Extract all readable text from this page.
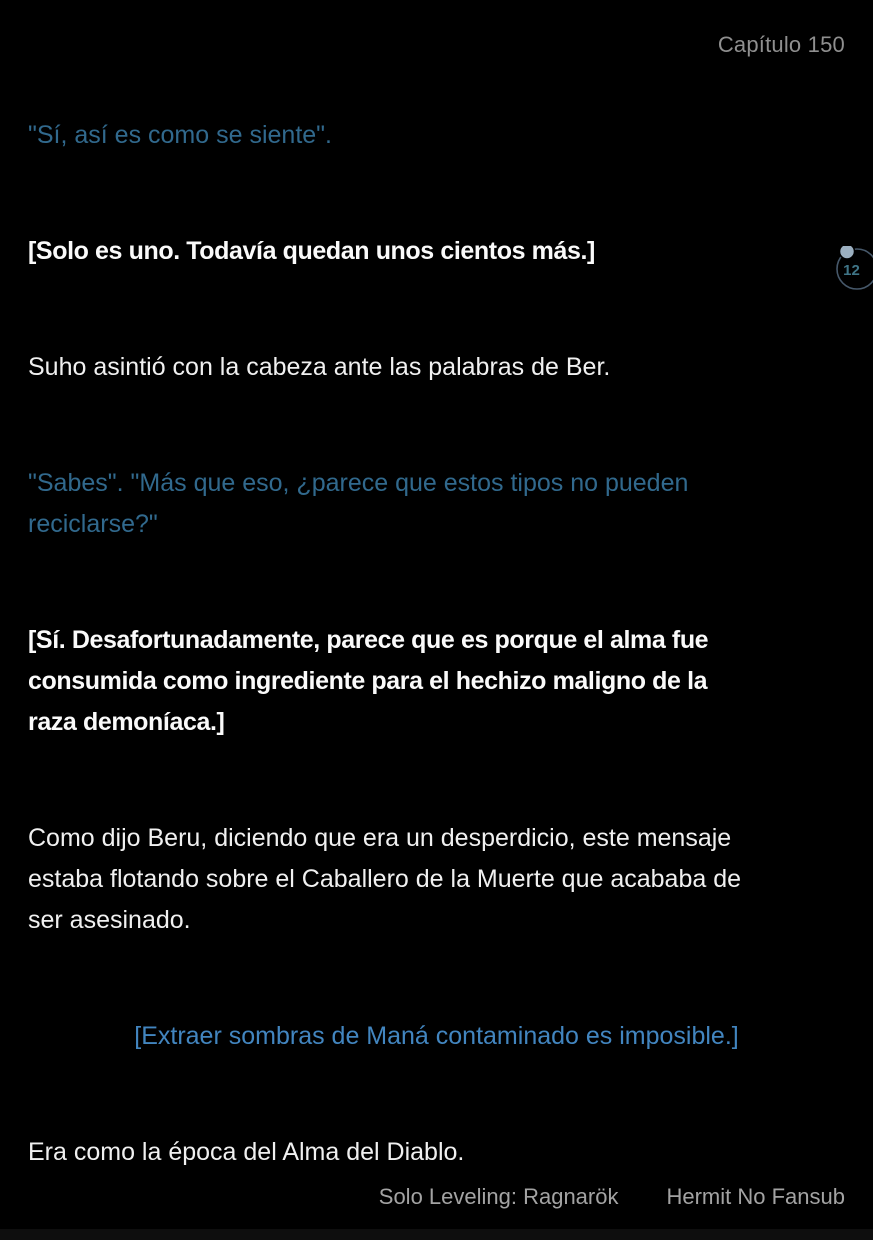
Capítulo 150

"Sí, así es como se siente".

[Solo es uno. Todavía quedan unos cientos más.]

Suho asintió con la cabeza ante las palabras de Ber.

"Sabes". "Más que eso, ¿parece que estos tipos no pueden
reciclarse?"

[Sí. Desafortunadamente, parece que es porque el alma fue
consumida como ingrediente para el hechizo maligno de la
raza demoníaca.]

Como dijo Beru, diciendo que era un desperdicio, este mensaje
estaba flotando sobre el Caballero de la Muerte que acababa de
ser asesinado.

[Extraer sombras de Maná contaminado es imposible.]

Era como la época del Alma del Diablo.

Solo Leveling: Ragnarök Hermit No Fansub
12
